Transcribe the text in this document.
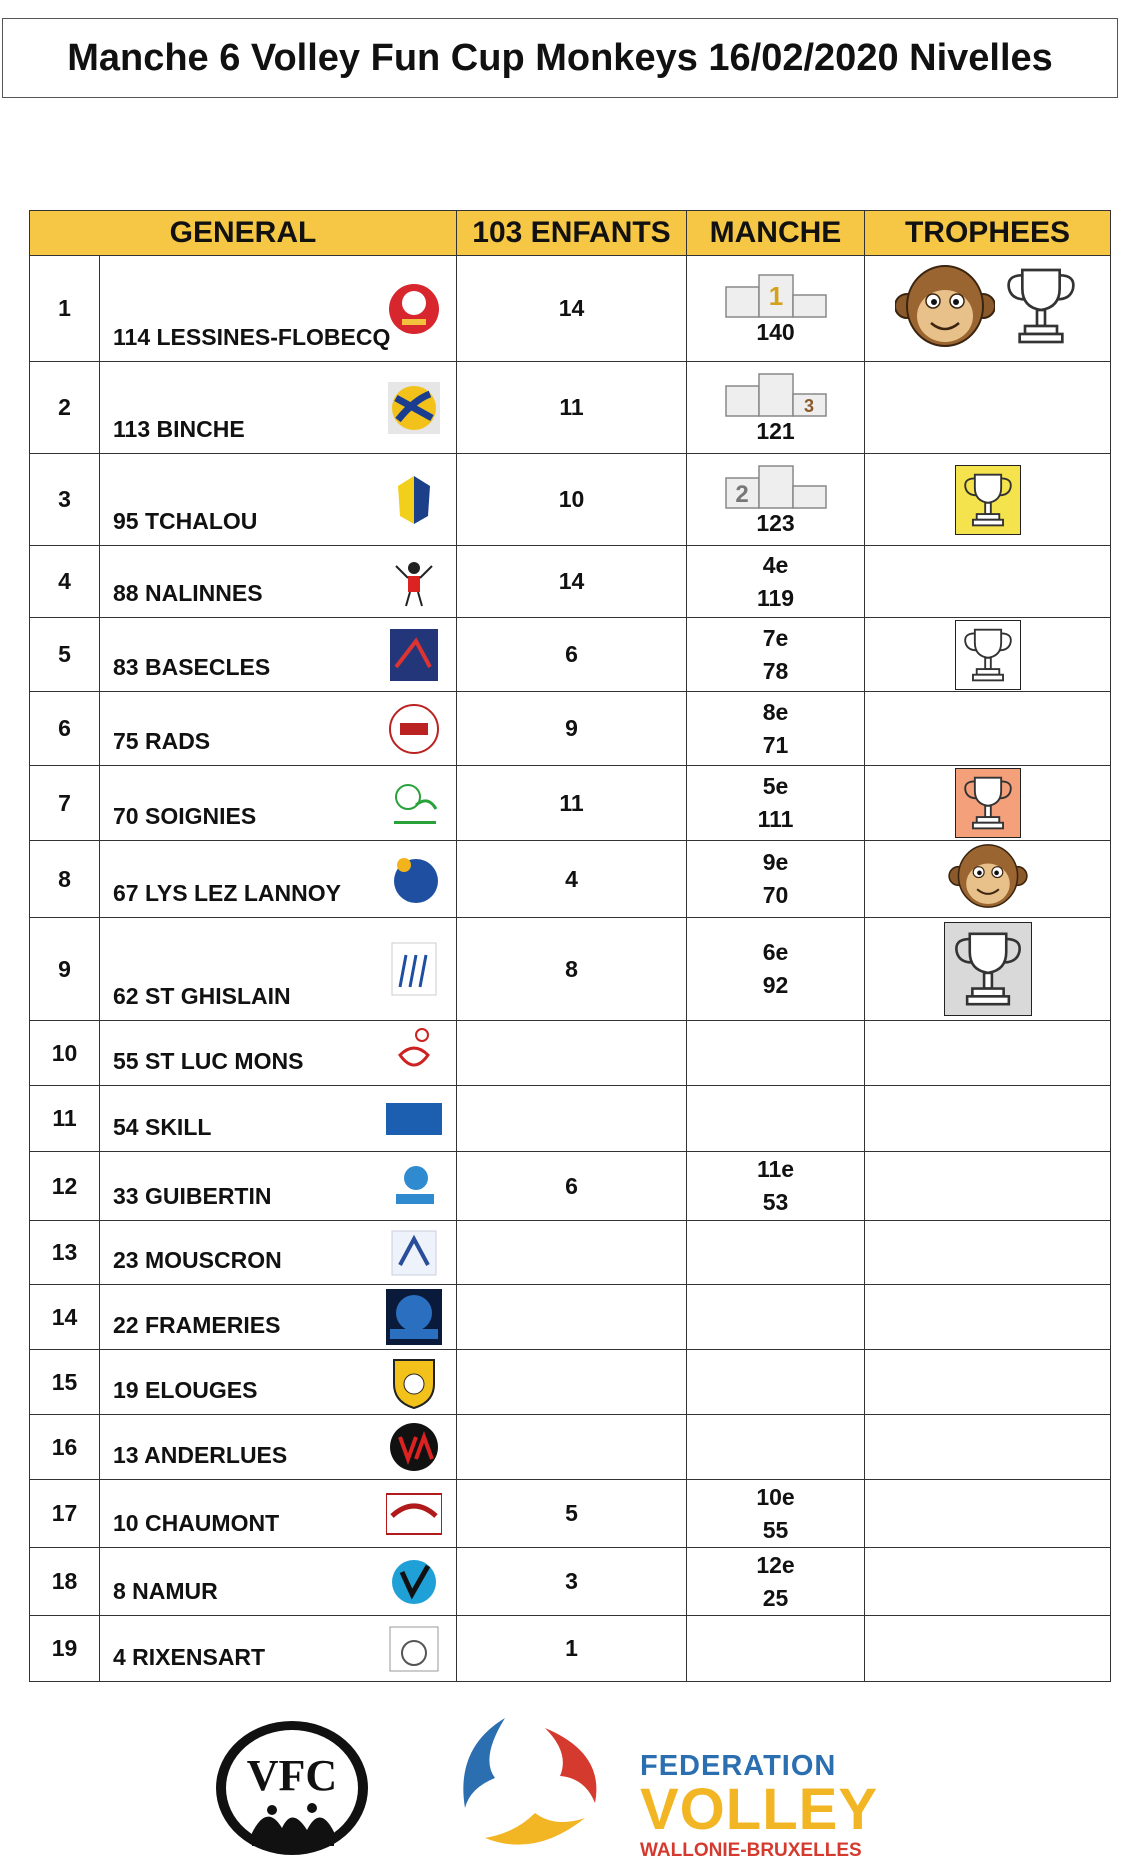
Manche 6 Volley Fun Cup Monkeys 16/02/2020 Nivelles
GENERAL		103 ENFANTS	MANCHE	TROPHEES
1	114 LESSINES-FLOBECQ	14	1
140

2	113 BINCHE	11	3
121	

3	95 TCHALOU	10	2
123

4	88 NALINNES	14	4e
119	

5	83 BASECLES	6	7e
78

6	75 RADS	9	8e
71	

7	70 SOIGNIES	11	5e
111

8	67 LYS LEZ LANNOY	4	9e
70

9	62 ST GHISLAIN	8	6e
92

10	55 ST LUC MONS			

11	54 SKILL			

12	33 GUIBERTIN	6	11e
53	

13	23 MOUSCRON			

14	22 FRAMERIES			

15	19 ELOUGES			

16	13 ANDERLUES			

17	10 CHAUMONT	5	10e
55	

18	8 NAMUR	3	12e
25	

19	4 RIXENSART	1		
VFC	FEDERATION
VOLLEY
WALLONIE-BRUXELLES
